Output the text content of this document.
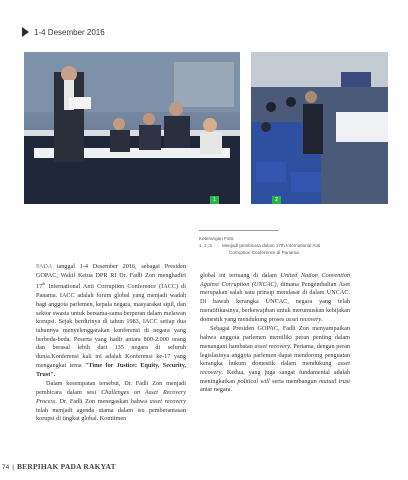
1-4 Desember 2016
1	2
Keterangan Foto:
1, 2, 3 Menjadi pembicara dalam 17th International Anti
Corruption Conference di Panama.

PADA tanggal 1-4 Desember 2016, sebagai Presiden GOPAC, Wakil Ketua DPR RI Dr. Fadli Zon menghadiri 17th International Anti Corruption Conference (IACC) di Panama. IACC adalah forum global yang menjadi wadah bagi anggota parlemen, kepala negara, masyarakat sipil, dan sektor swasta untuk bersama-sama berperan dalam melawan korupsi. Sejak berdirinya di tahun 1983, IACC setiap dua tahunnya menyelenggarakan konferensi di negara yang berbeda-beda. Peserta yang hadir antara 800-2.000 orang dan berasal lebih dari 135 negara di seluruh dunia.Konferensi kali ini adalah Konferensi ke-17 yang mengangkat tema "Time for Justice: Equity, Security, Trust".

Dalam kesempatan tersebut, Dr. Fadli Zon menjadi pembicara dalam sesi Challenges on Asset Recovery Process. Dr. Fadli Zon menegaskan bahwa asset recovery telah menjadi agenda utama dalam isu pemberantasan korupsi di tingkat global. Komitmen

global ini tertuang di dalam United Nation Convention Against Corruption (UNCAC), dimana Pengembalian Aset merupakan salah satu prinsip mendasar di dalam UNCAC. Di bawah kerangka UNCAC, negara yang telah meratifikasinya, berkewajiban untuk merumuskan kebijakan domestik yang mendukung proses asset recovery.

Sebagai Presiden GOPAC, Fadli Zon menyampaikan bahwa anggota parlemen memiliki peran penting dalam menangani hambatan asset recovery. Pertama, dengan peran legislasinya anggota parlemen dapat mendorong penguatan kerangka hukum domestik dalam mendukung asset recovery. Kedua, yang juga sangat fundamental adalah meningkatkan political will serta membangun mutual trust antar negara.

74 | BERPIHAK PADA RAKYAT
